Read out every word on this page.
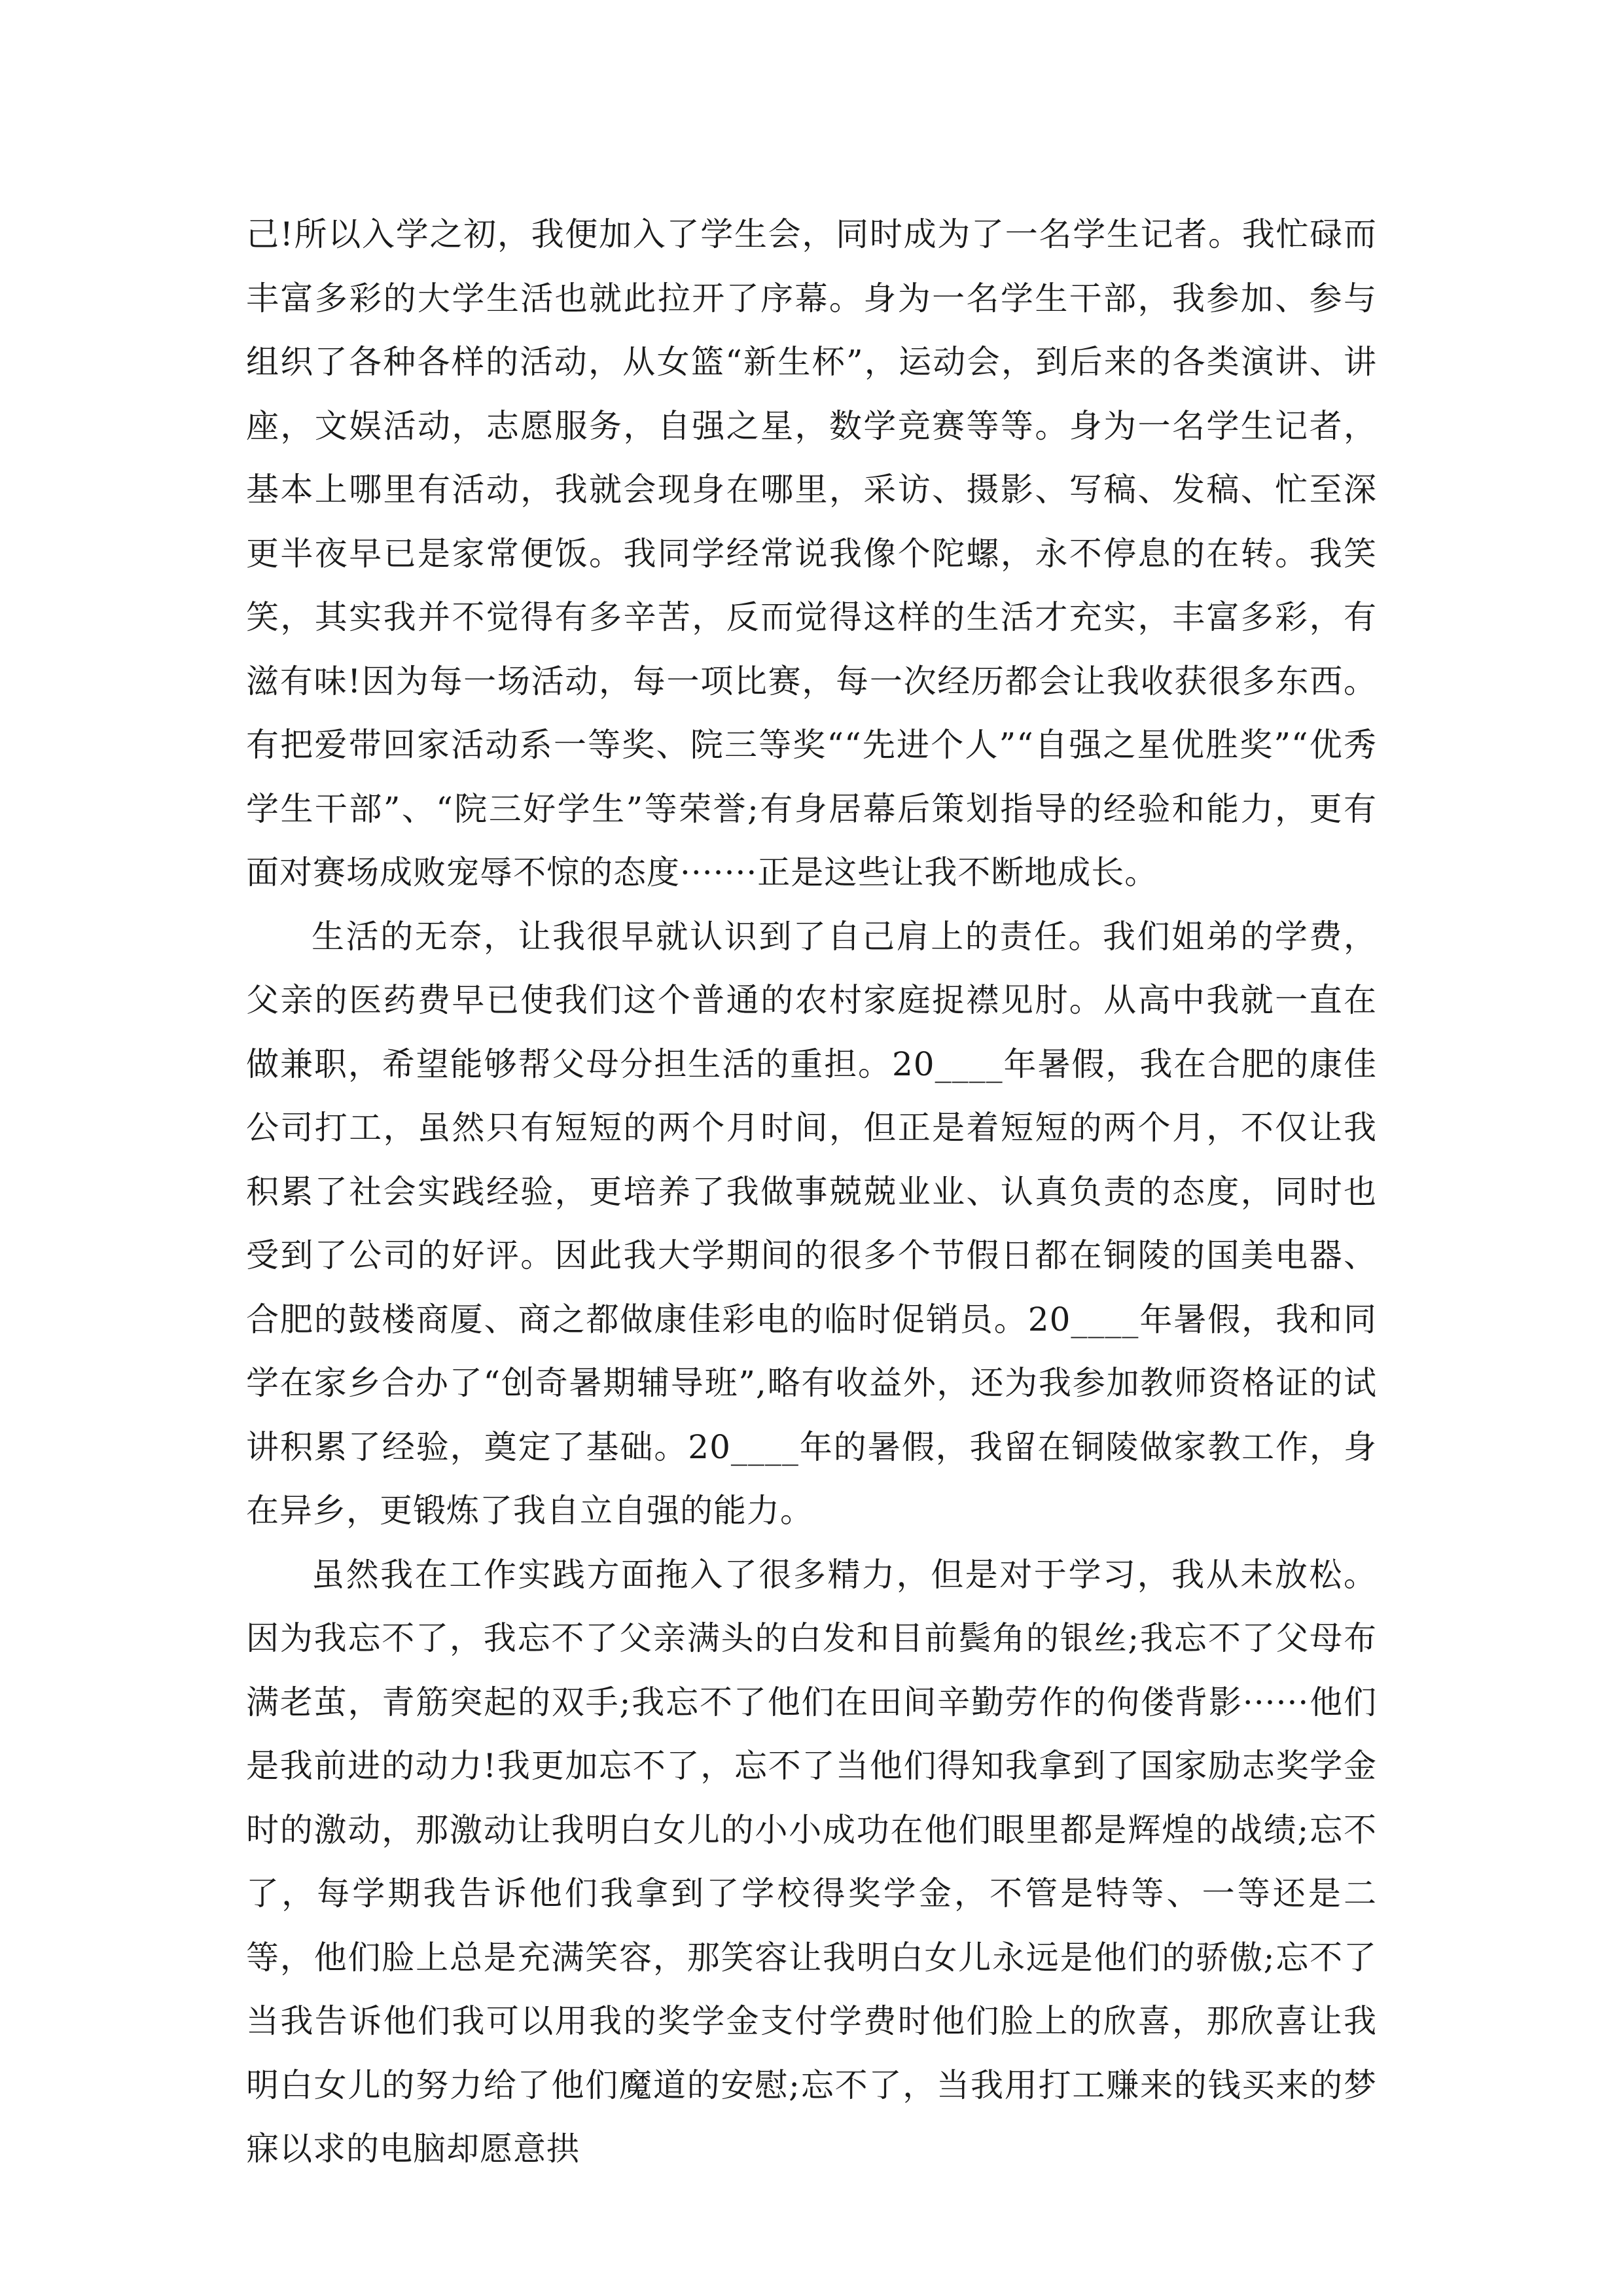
己!所以入学之初，我便加入了学生会，同时成为了一名学生记者。我忙碌而丰富多彩的大学生活也就此拉开了序幕。身为一名学生干部，我参加、参与组织了各种各样的活动，从女篮“新生杯”，运动会，到后来的各类演讲、讲座，文娱活动，志愿服务，自强之星，数学竞赛等等。身为一名学生记者，基本上哪里有活动，我就会现身在哪里，采访、摄影、写稿、发稿、忙至深更半夜早已是家常便饭。我同学经常说我像个陀螺，永不停息的在转。我笑笑，其实我并不觉得有多辛苦，反而觉得这样的生活才充实，丰富多彩，有滋有味!因为每一场活动，每一项比赛，每一次经历都会让我收获很多东西。有把爱带回家活动系一等奖、院三等奖““先进个人”“自强之星优胜奖”“优秀学生干部”、“院三好学生”等荣誉;有身居幕后策划指导的经验和能力，更有面对赛场成败宠辱不惊的态度·······正是这些让我不断地成长。

生活的无奈，让我很早就认识到了自己肩上的责任。我们姐弟的学费，父亲的医药费早已使我们这个普通的农村家庭捉襟见肘。从高中我就一直在做兼职，希望能够帮父母分担生活的重担。20____年暑假，我在合肥的康佳公司打工，虽然只有短短的两个月时间，但正是着短短的两个月，不仅让我积累了社会实践经验，更培养了我做事兢兢业业、认真负责的态度，同时也受到了公司的好评。因此我大学期间的很多个节假日都在铜陵的国美电器、合肥的鼓楼商厦、商之都做康佳彩电的临时促销员。20____年暑假，我和同学在家乡合办了“创奇暑期辅导班”,略有收益外，还为我参加教师资格证的试讲积累了经验，奠定了基础。20____年的暑假，我留在铜陵做家教工作，身在异乡，更锻炼了我自立自强的能力。

虽然我在工作实践方面拖入了很多精力，但是对于学习，我从未放松。因为我忘不了，我忘不了父亲满头的白发和目前鬓角的银丝;我忘不了父母布满老茧，青筋突起的双手;我忘不了他们在田间辛勤劳作的佝偻背影······他们是我前进的动力!我更加忘不了，忘不了当他们得知我拿到了国家励志奖学金时的激动，那激动让我明白女儿的小小成功在他们眼里都是辉煌的战绩;忘不了，每学期我告诉他们我拿到了学校得奖学金，不管是特等、一等还是二等，他们脸上总是充满笑容，那笑容让我明白女儿永远是他们的骄傲;忘不了当我告诉他们我可以用我的奖学金支付学费时他们脸上的欣喜，那欣喜让我明白女儿的努力给了他们魔道的安慰;忘不了，当我用打工赚来的钱买来的梦寐以求的电脑却愿意拱
